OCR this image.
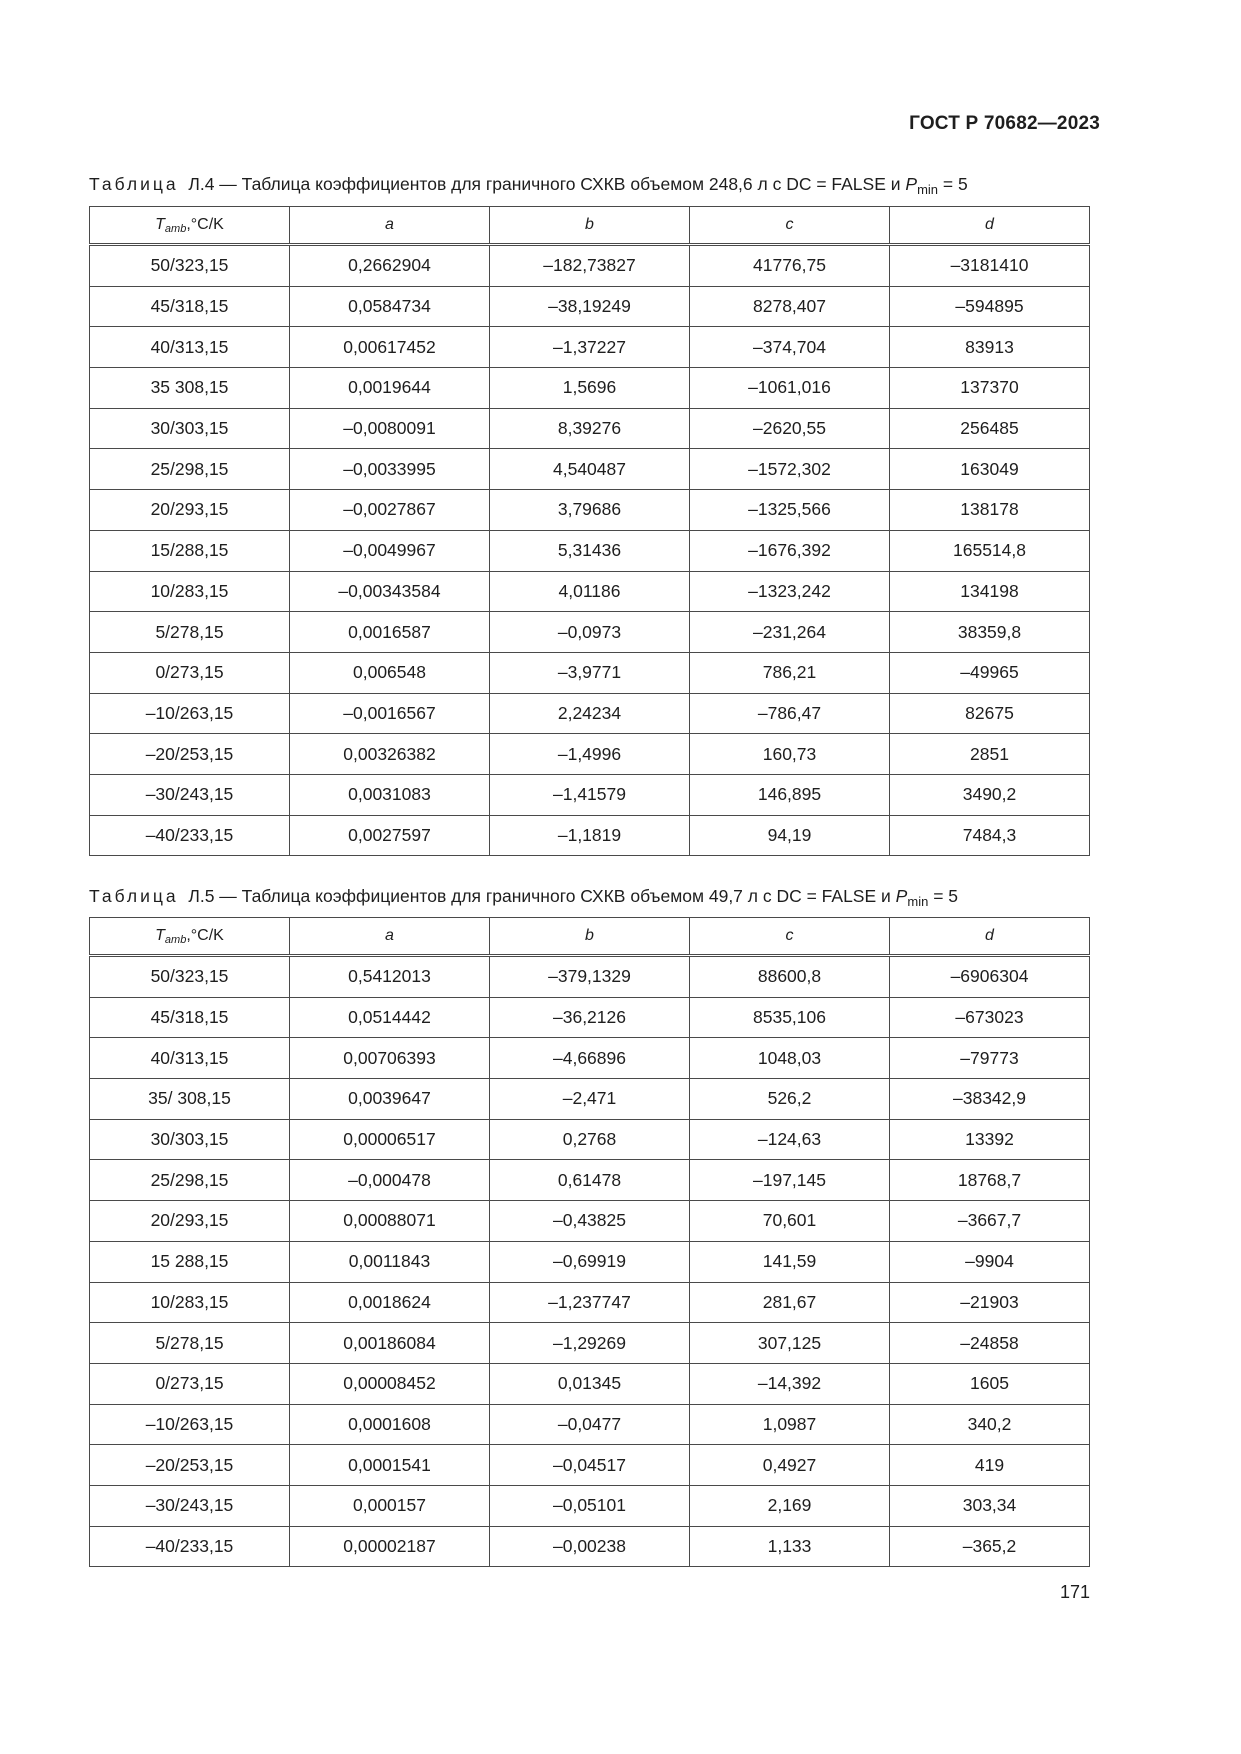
ГОСТ Р 70682—2023
Таблица Л.4 — Таблица коэффициентов для граничного СХКВ объемом 248,6 л с DC = FALSE и $P_{min} = 5$
$T_{amb},^\circ C/K$	a	b	c	d
50/323,15	0,2662904	–182,73827	41776,75	–3181410
45/318,15	0,0584734	–38,19249	8278,407	–594895
40/313,15	0,00617452	–1,37227	–374,704	83913
35 308,15	0,0019644	1,5696	–1061,016	137370
30/303,15	–0,0080091	8,39276	–2620,55	256485
25/298,15	–0,0033995	4,540487	–1572,302	163049
20/293,15	–0,0027867	3,79686	–1325,566	138178
15/288,15	–0,0049967	5,31436	–1676,392	165514,8
10/283,15	–0,00343584	4,01186	–1323,242	134198
5/278,15	0,0016587	–0,0973	–231,264	38359,8
0/273,15	0,006548	–3,9771	786,21	–49965
–10/263,15	–0,0016567	2,24234	–786,47	82675
–20/253,15	0,00326382	–1,4996	160,73	2851
–30/243,15	0,0031083	–1,41579	146,895	3490,2
–40/233,15	0,0027597	–1,1819	94,19	7484,3
Таблица Л.5 — Таблица коэффициентов для граничного СХКВ объемом 49,7 л с DC = FALSE и $P_{min} = 5$
$T_{amb},^\circ C/K$	a	b	c	d
50/323,15	0,5412013	–379,1329	88600,8	–6906304
45/318,15	0,0514442	–36,2126	8535,106	–673023
40/313,15	0,00706393	–4,66896	1048,03	–79773
35/ 308,15	0,0039647	–2,471	526,2	–38342,9
30/303,15	0,00006517	0,2768	–124,63	13392
25/298,15	–0,000478	0,61478	–197,145	18768,7
20/293,15	0,00088071	–0,43825	70,601	–3667,7
15 288,15	0,0011843	–0,69919	141,59	–9904
10/283,15	0,0018624	–1,237747	281,67	–21903
5/278,15	0,00186084	–1,29269	307,125	–24858
0/273,15	0,00008452	0,01345	–14,392	1605
–10/263,15	0,0001608	–0,0477	1,0987	340,2
–20/253,15	0,0001541	–0,04517	0,4927	419
–30/243,15	0,000157	–0,05101	2,169	303,34
–40/233,15	0,00002187	–0,00238	1,133	–365,2
171
